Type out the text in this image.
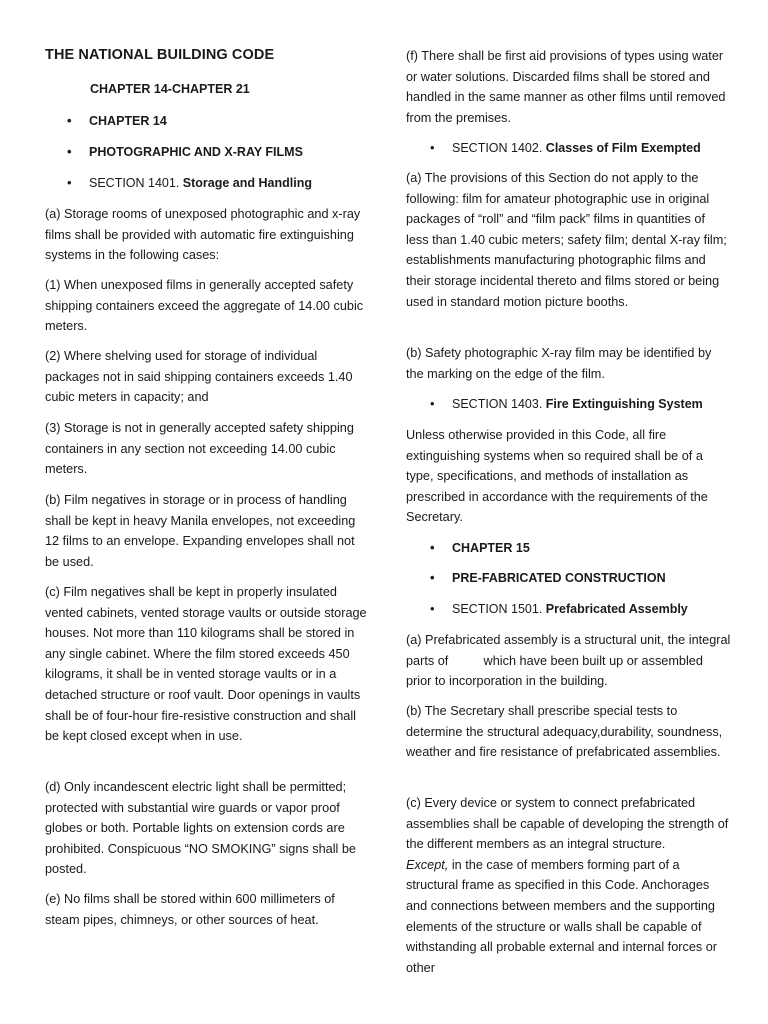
THE NATIONAL BUILDING CODE
CHAPTER 14-CHAPTER 21
• CHAPTER 14
• PHOTOGRAPHIC AND X-RAY FILMS
• SECTION 1401. Storage and Handling
(a) Storage rooms of unexposed photographic and x-ray films shall be provided with automatic fire extinguishing systems in the following cases:
(1) When unexposed films in generally accepted safety shipping containers exceed the aggregate of 14.00 cubic meters.
(2) Where shelving used for storage of individual packages not in said shipping containers exceeds 1.40 cubic meters in capacity; and
(3) Storage is not in generally accepted safety shipping containers in any section not exceeding 14.00 cubic meters.
(b) Film negatives in storage or in process of handling shall be kept in heavy Manila envelopes, not exceeding 12 films to an envelope. Expanding envelopes shall not be used.
(c) Film negatives shall be kept in properly insulated vented cabinets, vented storage vaults or outside storage houses. Not more than 110 kilograms shall be stored in any single cabinet. Where the film stored exceeds 450 kilograms, it shall be in vented storage vaults or in a detached structure or roof vault. Door openings in vaults shall be of four-hour fire-resistive construction and shall be kept closed except when in use.
(d) Only incandescent electric light shall be permitted; protected with substantial wire guards or vapor proof globes or both. Portable lights on extension cords are prohibited. Conspicuous “NO SMOKING” signs shall be posted.
(e) No films shall be stored within 600 millimeters of steam pipes, chimneys, or other sources of heat.
(f) There shall be first aid provisions of types using water or water solutions. Discarded films shall be stored and handled in the same manner as other films until removed from the premises.
• SECTION 1402. Classes of Film Exempted
(a) The provisions of this Section do not apply to the following: film for amateur photographic use in original packages of “roll” and “film pack” films in quantities of less than 1.40 cubic meters; safety film; dental X-ray film; establishments manufacturing photographic films and their storage incidental thereto and films stored or being used in standard motion picture booths.
(b) Safety photographic X-ray film may be identified by the marking on the edge of the film.
• SECTION 1403. Fire Extinguishing System
Unless otherwise provided in this Code, all fire extinguishing systems when so required shall be of a type, specifications, and methods of installation as prescribed in accordance with the requirements of the Secretary.
• CHAPTER 15
• PRE-FABRICATED CONSTRUCTION
• SECTION 1501. Prefabricated Assembly
(a) Prefabricated assembly is a structural unit, the integral parts of          which have been built up or assembled prior to incorporation in the building.
(b) The Secretary shall prescribe special tests to determine the structural adequacy,durability, soundness, weather and fire resistance of prefabricated assemblies.
(c) Every device or system to connect prefabricated assemblies shall be capable of developing the strength of the different members as an integral structure.        Except, in the case of members forming part of a structural frame as specified in this Code. Anchorages and connections between members and the supporting elements of the structure or walls shall be capable of withstanding all probable external and internal forces or other
